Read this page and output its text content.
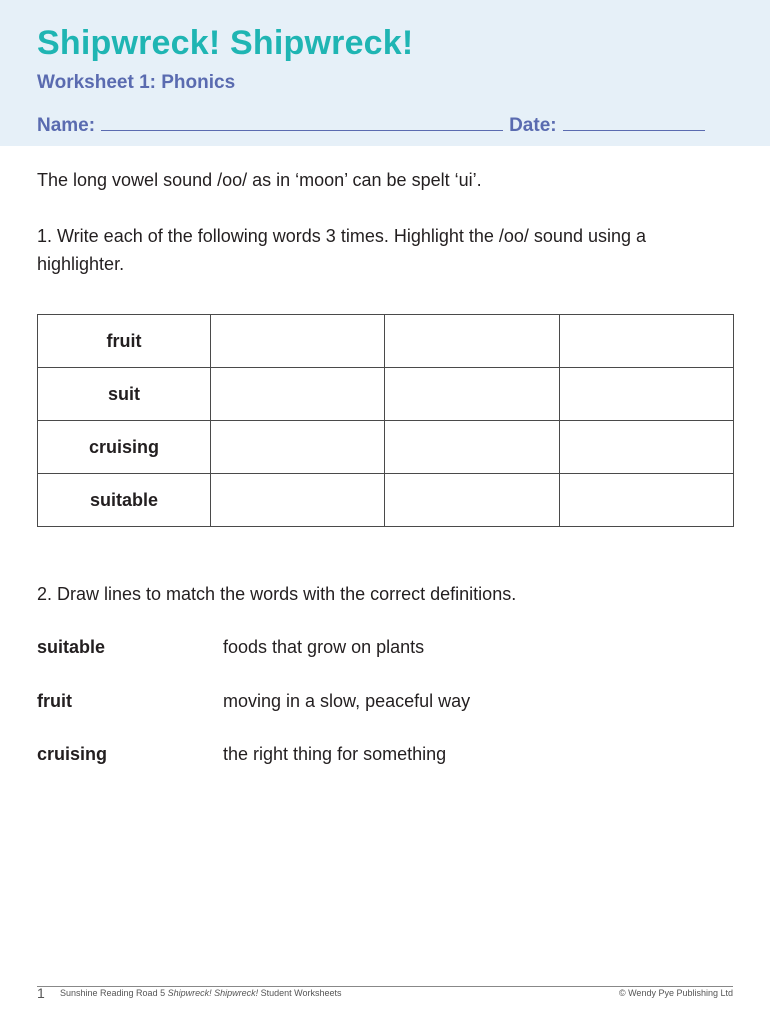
Shipwreck! Shipwreck!
Worksheet 1: Phonics
Name:	Date:
The long vowel sound /oo/ as in ‘moon’ can be spelt ‘ui’.
1. Write each of the following words 3 times. Highlight the /oo/ sound using a highlighter.
fruit			
suit			
cruising			
suitable			
2. Draw lines to match the words with the correct definitions.
suitable	foods that grow on plants
fruit	moving in a slow, peaceful way
cruising	the right thing for something
1 Sunshine Reading Road 5 Shipwreck! Shipwreck! Student Worksheets	© Wendy Pye Publishing Ltd
